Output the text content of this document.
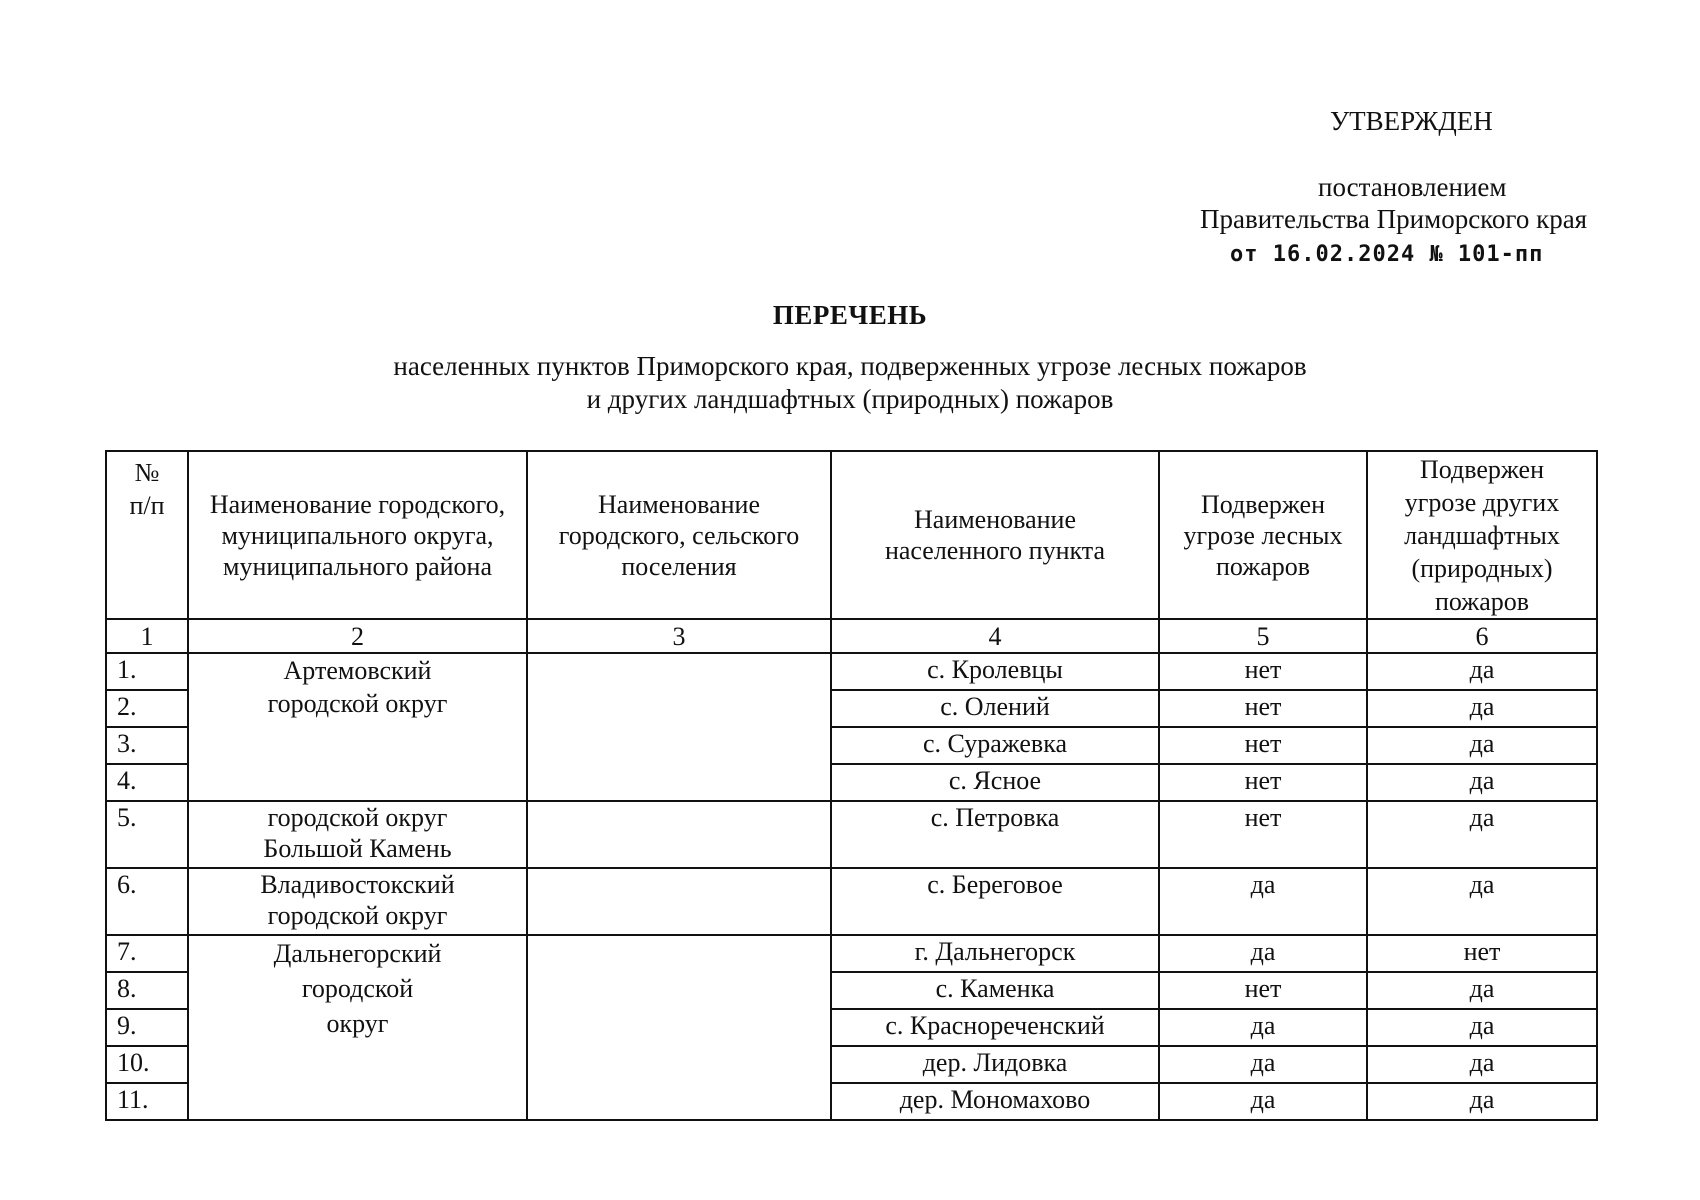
УТВЕРЖДЕН
постановлением
Правительства Приморского края
от 16.02.2024 № 101-пп
ПЕРЕЧЕНЬ
населенных пунктов Приморского края, подверженных угрозе лесных пожаров
и других ландшафтных (природных) пожаров
№ п/п	Наименование городского, муниципального округа, муниципального района	Наименование городского, сельского поселения	Наименование населенного пункта	Подвержен угрозе лесных пожаров	Подвержен угрозе других ландшафтных (природных) пожаров

1	2	3	4	5	6
1.	Артемовский городской округ		с. Кролевцы	нет	да
2.			с. Олений	нет	да
3.			с. Суражевка	нет	да
4.			с. Ясное	нет	да
5.	городской округ Большой Камень		с. Петровка	нет	да
6.	Владивостокский городской округ		с. Береговое	да	да
7.	Дальнегорский городской округ		г. Дальнегорск	да	нет
8.			с. Каменка	нет	да
9.			с. Краснореченский	да	да
10.			дер. Лидовка	да	да
11.			дер. Мономахово	да	да
